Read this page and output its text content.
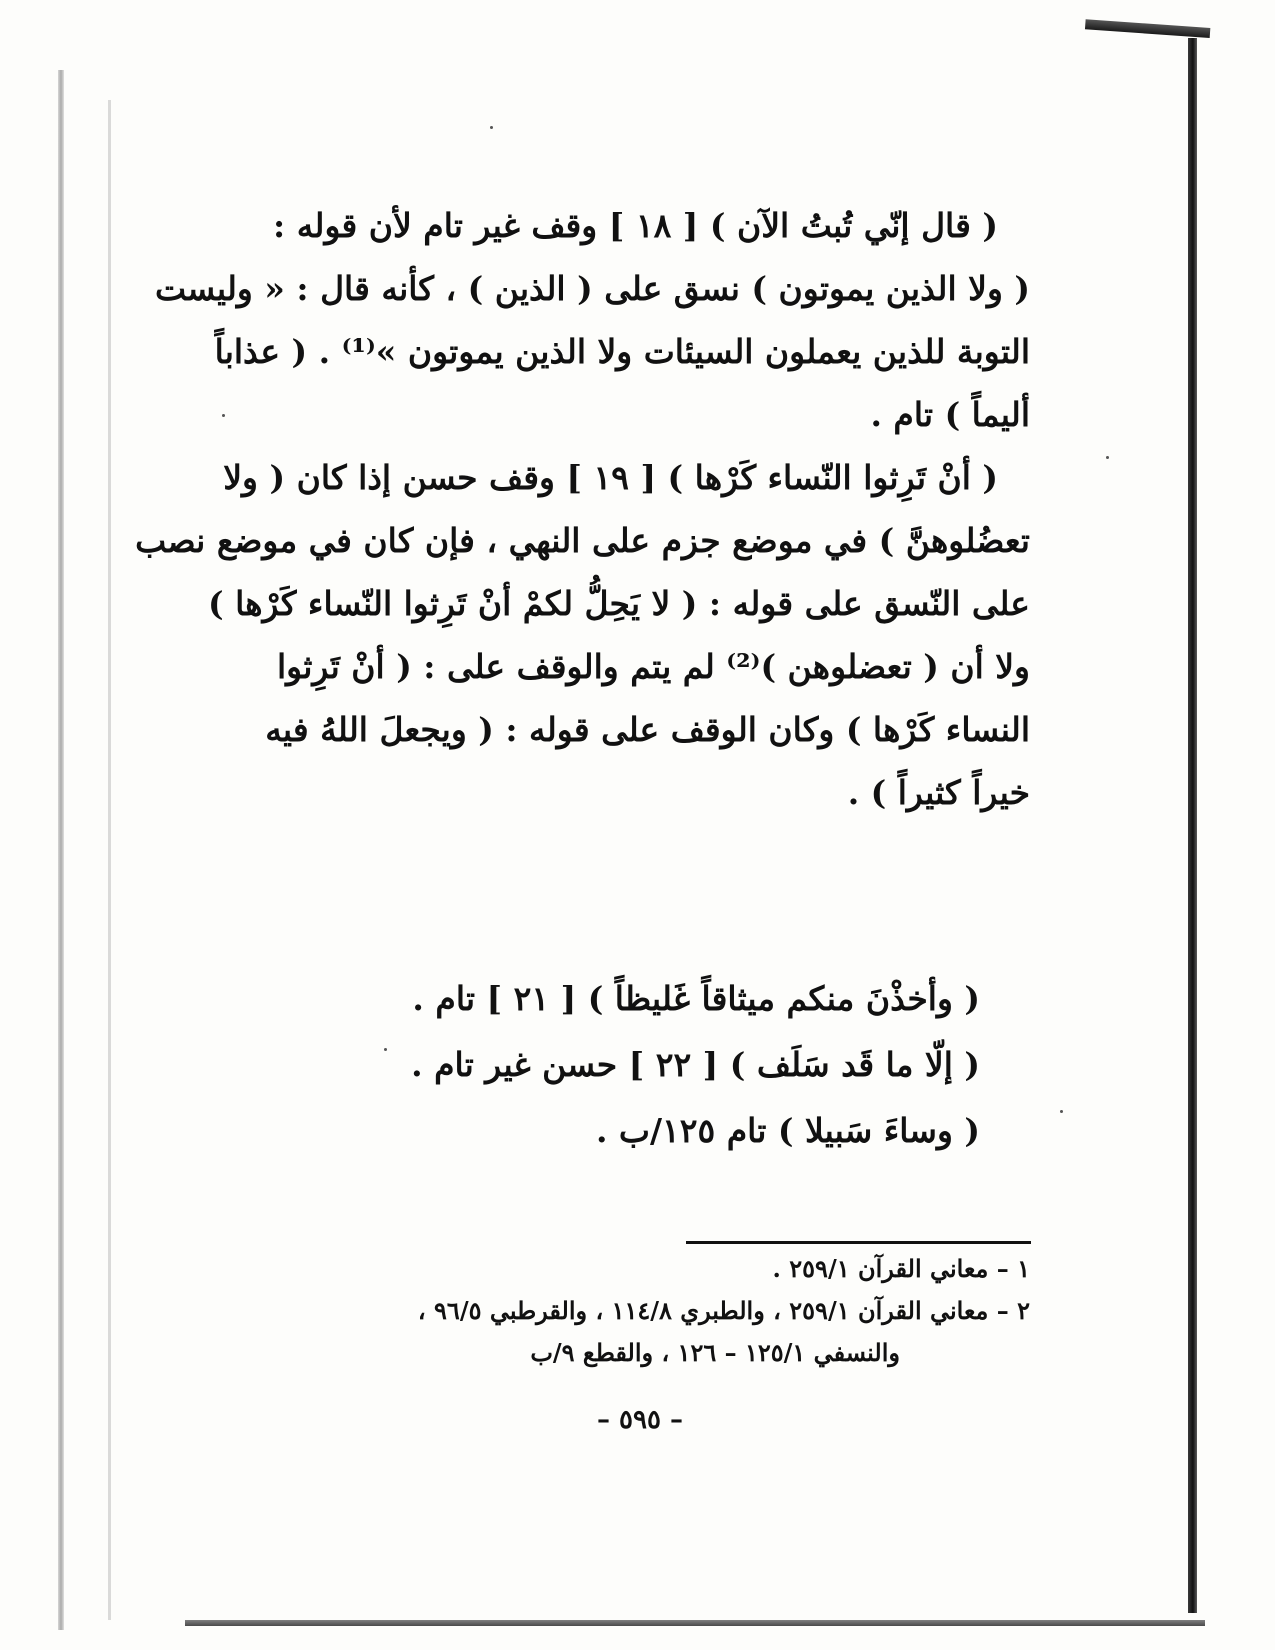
( قال إنّي تُبتُ الآن ) [ ١٨ ] وقف غير تام لأن قوله :
( ولا الذين يموتون ) نسق على ( الذين ) ، كأنه قال : « وليست
التوبة للذين يعملون السيئات ولا الذين يموتون »⁽¹⁾ . ( عذاباً
أليماً ) تام .
( أنْ تَرِثوا النّساء كَرْها ) [ ١٩ ] وقف حسن إذا كان ( ولا
تعضُلوهنَّ ) في موضع جزم على النهي ، فإن كان في موضع نصب
على النّسق على قوله : ( لا يَحِلُّ لكمْ أنْ تَرِثوا النّساء كَرْها )
ولا أن ( تعضلوهن )⁽²⁾ لم يتم والوقف على : ( أنْ تَرِثوا
النساء كَرْها ) وكان الوقف على قوله : ( ويجعلَ اللهُ فيه
خيراً كثيراً ) .
( وأخذْنَ منكم ميثاقاً غَليظاً ) [ ٢١ ] تام .
( إلّا ما قَد سَلَف ) [ ٢٢ ] حسن غير تام .
( وساءَ سَبيلا ) تام ١٢٥/ب .
١ – معاني القرآن ٢٥٩/١ .
٢ – معاني القرآن ٢٥٩/١ ، والطبري ١١٤/٨ ، والقرطبي ٩٦/٥ ،
والنسفي ١٢٥/١ – ١٢٦ ، والقطع ٩/ب
– ٥٩٥ –
